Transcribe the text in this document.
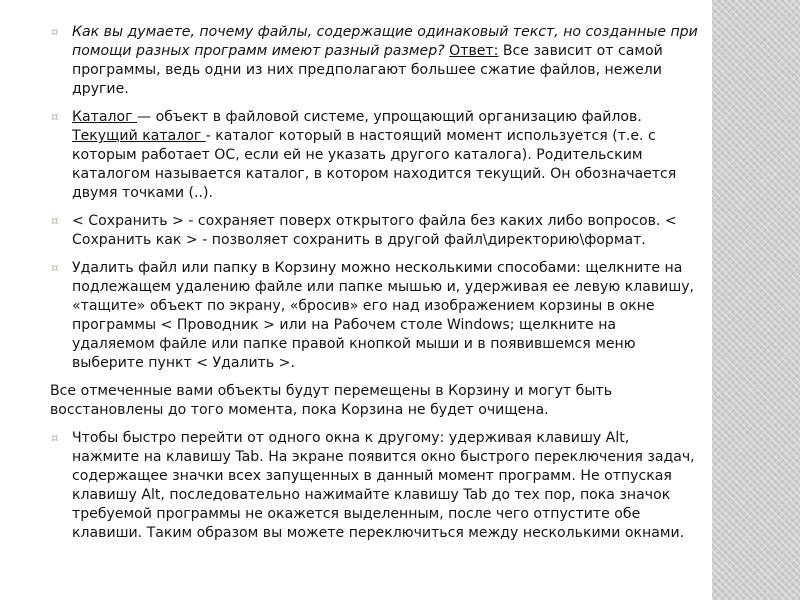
¤ Как вы думаете, почему файлы, содержащие одинаковый текст, но созданные при помощи разных программ имеют разный размер? Ответ: Все зависит от самой программы, ведь одни из них предполагают большее сжатие файлов, нежели другие.

¤ Каталог — объект в файловой системе, упрощающий организацию файлов. Текущий каталог - каталог который в настоящий момент используется (т.е. с которым работает ОС, если ей не указать другого каталога). Родительским каталогом называется каталог, в котором находится текущий. Он обозначается двумя точками (..).

¤ < Сохранить > - сохраняет поверх открытого файла без каких либо вопросов. < Сохранить как > - позволяет сохранить в другой файл\директорию\формат.

¤ Удалить файл или папку в Корзину можно несколькими способами: щелкните на подлежащем удалению файле или папке мышью и, удерживая ее левую клавишу, «тащите» объект по экрану, «бросив» его над изображением корзины в окне программы < Проводник > или на Рабочем столе Windows; щелкните на удаляемом файле или папке правой кнопкой мыши и в появившемся меню выберите пункт < Удалить >.

Все отмеченные вами объекты будут перемещены в Корзину и могут быть восстановлены до того момента, пока Корзина не будет очищена.

¤ Чтобы быстро перейти от одного окна к другому: удерживая клавишу Alt, нажмите на клавишу Tab. На экране появится окно быстрого переключения задач, содержащее значки всех запущенных в данный момент программ. Не отпуская клавишу Alt, последовательно нажимайте клавишу Tab до тех пор, пока значок требуемой программы не окажется выделенным, после чего отпустите обе клавиши. Таким образом вы можете переключиться между несколькими окнами.
